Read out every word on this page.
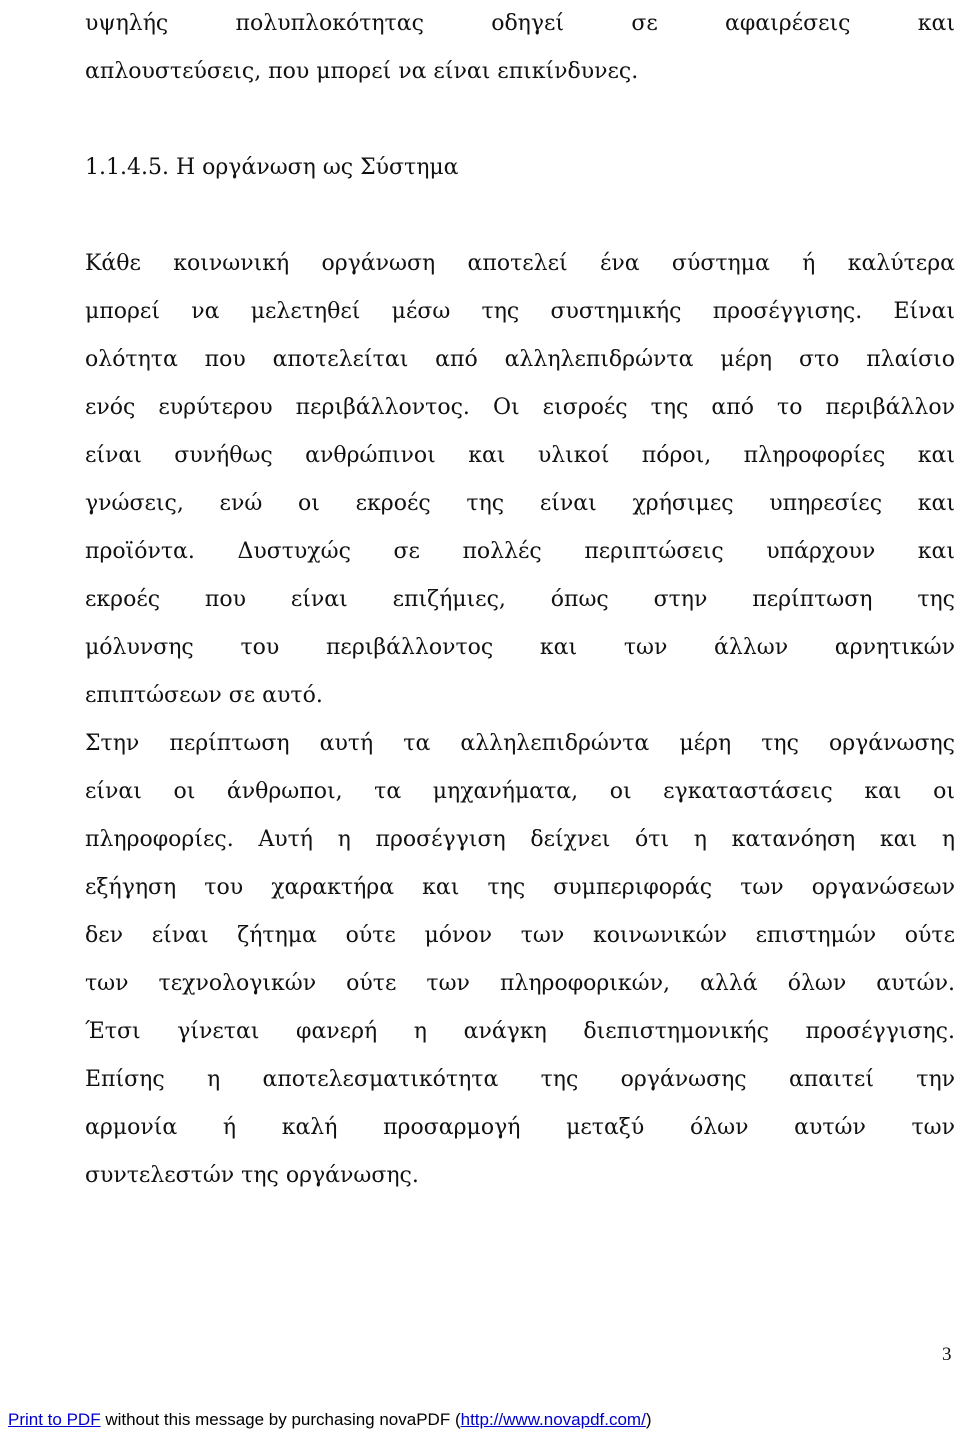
υψηλής πολυπλοκότητας οδηγεί σε αφαιρέσεις και
απλουστεύσεις, που μπορεί να είναι επικίνδυνες.
1.1.4.5. Η οργάνωση ως Σύστημα
Κάθε κοινωνική οργάνωση αποτελεί ένα σύστημα ή καλύτερα
μπορεί να μελετηθεί μέσω της συστημικής προσέγγισης. Είναι
ολότητα που αποτελείται από αλληλεπιδρώντα μέρη στο πλαίσιο
ενός ευρύτερου περιβάλλοντος. Οι εισροές της από το περιβάλλον
είναι συνήθως ανθρώπινοι και υλικοί πόροι, πληροφορίες και
γνώσεις, ενώ οι εκροές της είναι χρήσιμες υπηρεσίες και
προϊόντα. Δυστυχώς σε πολλές περιπτώσεις υπάρχουν και
εκροές που είναι επιζήμιες, όπως στην περίπτωση της
μόλυνσης του περιβάλλοντος και των άλλων αρνητικών
επιπτώσεων σε αυτό.
Στην περίπτωση αυτή τα αλληλεπιδρώντα μέρη της οργάνωσης
είναι οι άνθρωποι, τα μηχανήματα, οι εγκαταστάσεις και οι
πληροφορίες. Αυτή η προσέγγιση δείχνει ότι η κατανόηση και η
εξήγηση του χαρακτήρα και της συμπεριφοράς των οργανώσεων
δεν είναι ζήτημα ούτε μόνον των κοινωνικών επιστημών ούτε
των τεχνολογικών ούτε των πληροφορικών, αλλά όλων αυτών.
Έτσι γίνεται φανερή η ανάγκη διεπιστημονικής προσέγγισης.
Επίσης η αποτελεσματικότητα της οργάνωσης απαιτεί την
αρμονία ή καλή προσαρμογή μεταξύ όλων αυτών των
συντελεστών της οργάνωσης.
3
Print to PDF without this message by purchasing novaPDF (http://www.novapdf.com/)
